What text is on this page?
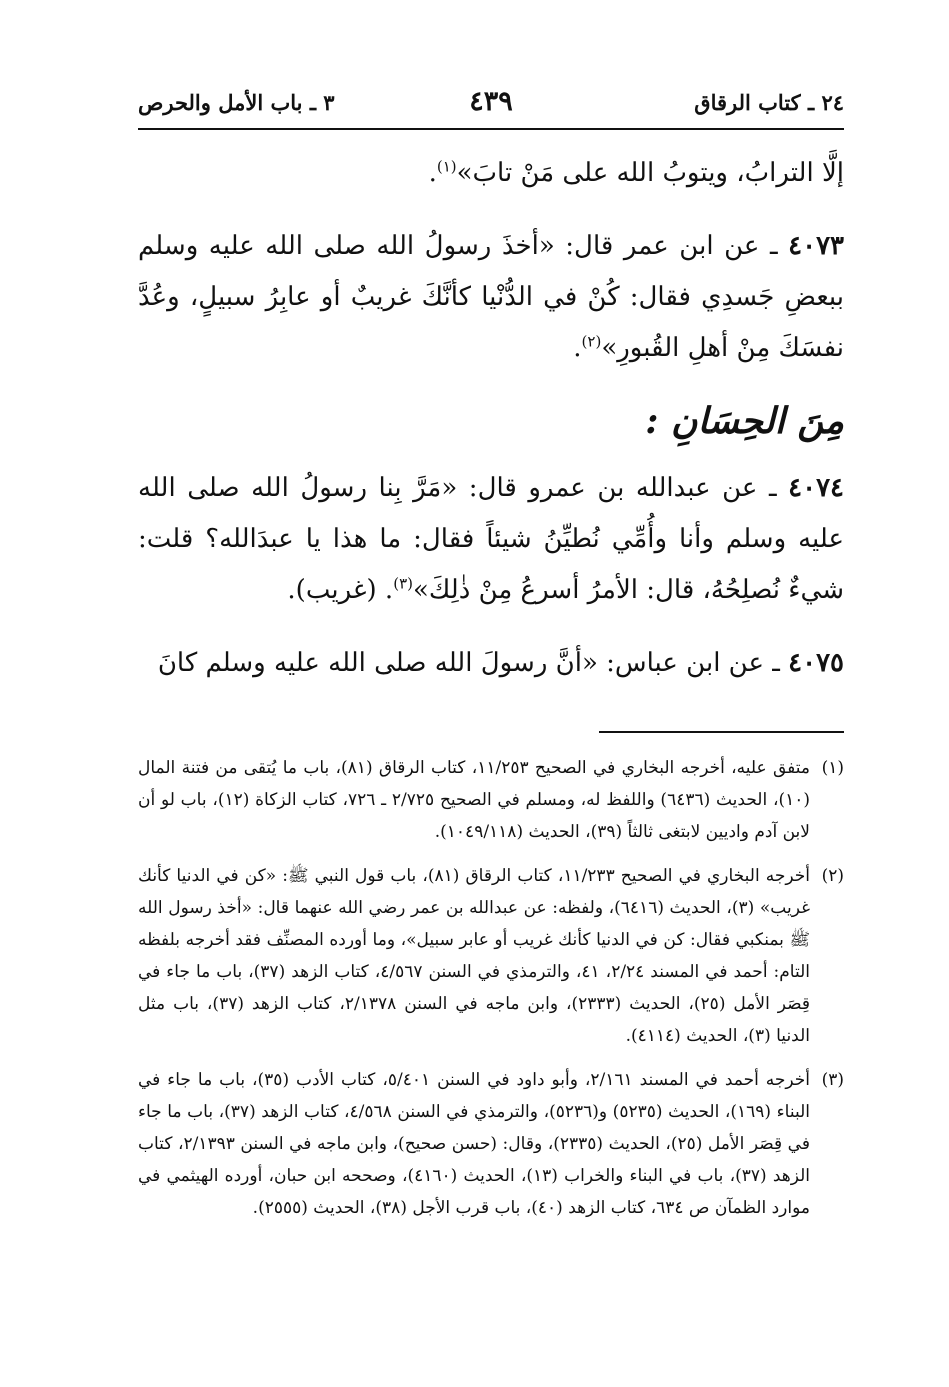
٢٤ ـ كتاب الرقاق
٤٣٩
٣ ـ باب الأمل والحرص

إلَّا الترابُ، ويتوبُ الله على مَنْ تابَ»$^{(١)}$.

٤٠٧٣ ـ عن ابن عمر قال: «أخذَ رسولُ الله صلى الله عليه وسلم ببعضِ جَسدِي فقال: كُنْ في الدُّنْيا كأنَّكَ غريبٌ أو عابِرُ سبيلٍ، وعُدَّ نفسَكَ مِنْ أهلِ القُبورِ»$^{(٢)}$.

مِنَ الحِسَانِ :

٤٠٧٤ ـ عن عبدالله بن عمرو قال: «مَرَّ بِنا رسولُ الله صلى الله عليه وسلم وأنا وأُمِّي نُطيِّنُ شيئاً فقال: ما هذا يا عبدَالله؟ قلت: شيءٌ نُصلِحُهُ، قال: الأمرُ أسرعُ مِنْ ذٰلِكَ»$^{(٣)}$. (غريب).

٤٠٧٥ ـ عن ابن عباس: «أنَّ رسولَ الله صلى الله عليه وسلم كانَ

(١)
متفق عليه، أخرجه البخاري في الصحيح ١١/٢٥٣، كتاب الرقاق (٨١)، باب ما يُتقى من فتنة المال (١٠)، الحديث (٦٤٣٦) واللفظ له، ومسلم في الصحيح ٢/٧٢٥ ـ ٧٢٦، كتاب الزكاة (١٢)، باب لو أن لابن آدم واديين لابتغى ثالثاً (٣٩)، الحديث (١٠٤٩/١١٨).
(٢)
أخرجه البخاري في الصحيح ١١/٢٣٣، كتاب الرقاق (٨١)، باب قول النبي ﷺ: «كن في الدنيا كأنك غريب» (٣)، الحديث (٦٤١٦)، ولفظه: عن عبدالله بن عمر رضي الله عنهما قال: «أخذ رسول الله ﷺ بمنكبي فقال: كن في الدنيا كأنك غريب أو عابر سبيل»، وما أورده المصنِّف فقد أخرجه بلفظه التام: أحمد في المسند ٢/٢٤، ٤١، والترمذي في السنن ٤/٥٦٧، كتاب الزهد (٣٧)، باب ما جاء في قِصَر الأمل (٢٥)، الحديث (٢٣٣٣)، وابن ماجه في السنن ٢/١٣٧٨، كتاب الزهد (٣٧)، باب مثل الدنيا (٣)، الحديث (٤١١٤).
(٣)
أخرجه أحمد في المسند ٢/١٦١، وأبو داود في السنن ٥/٤٠١، كتاب الأدب (٣٥)، باب ما جاء في البناء (١٦٩)، الحديث (٥٢٣٥) و(٥٢٣٦)، والترمذي في السنن ٤/٥٦٨، كتاب الزهد (٣٧)، باب ما جاء في قِصَر الأمل (٢٥)، الحديث (٢٣٣٥)، وقال: (حسن صحيح)، وابن ماجه في السنن ٢/١٣٩٣، كتاب الزهد (٣٧)، باب في البناء والخراب (١٣)، الحديث (٤١٦٠)، وصححه ابن حبان، أورده الهيثمي في موارد الظمآن ص ٦٣٤، كتاب الزهد (٤٠)، باب قرب الأجل (٣٨)، الحديث (٢٥٥٥).
